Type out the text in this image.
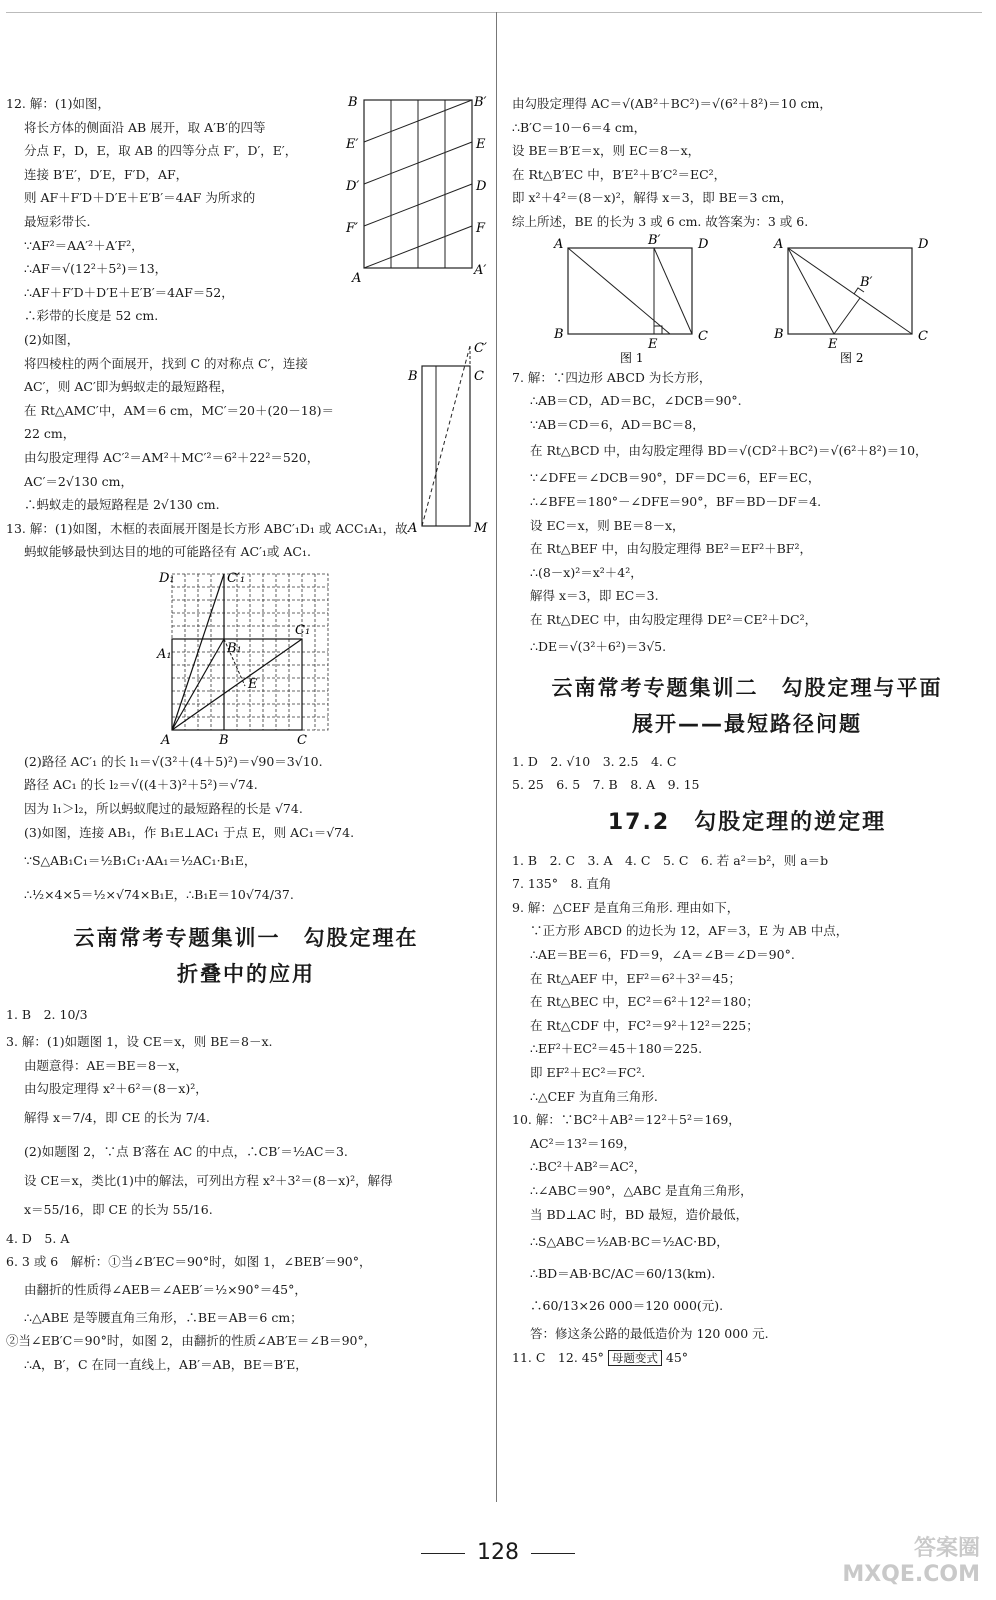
12. 解：(1)如图，
将长方体的侧面沿 AB 展开，取 A′B′的四等
分点 F，D，E，取 AB 的四等分点 F′，D′，E′，
连接 B′E′，D′E，F′D，AF，
则 AF＋F′D＋D′E＋E′B′＝4AF 为所求的
最短彩带长.
∵AF²＝AA′²＋A′F²，
∴AF＝√(12²＋5²)＝13，
∴AF＋F′D＋D′E＋E′B′＝4AF＝52，
∴彩带的长度是 52 cm.
(2)如图，
将四棱柱的两个面展开，找到 C 的对称点 C′，连接
AC′，则 AC′即为蚂蚁走的最短路程，
在 Rt△AMC′中，AM＝6 cm，MC′＝20＋(20－18)＝
22 cm，
由勾股定理得 AC′²＝AM²＋MC′²＝6²＋22²＝520，
AC′＝2√130 cm，
∴蚂蚁走的最短路程是 2√130 cm.
B
E′
D′
F′
A
B′
E
D
F
A′
B	C
C′
A	M
13. 解：(1)如图，木框的表面展开图是长方形 ABC′₁D₁ 或 ACC₁A₁，故
蚂蚁能够最快到达目的地的可能路径有 AC′₁或 AC₁.
D₁	C′₁
A₁	B₁
C₁
E
A	B	C
(2)路径 AC′₁ 的长 l₁＝√(3²＋(4＋5)²)＝√90＝3√10.
路径 AC₁ 的长 l₂＝√((4＋3)²＋5²)＝√74.
因为 l₁＞l₂，所以蚂蚁爬过的最短路程的长是 √74.
(3)如图，连接 AB₁，作 B₁E⊥AC₁ 于点 E，则 AC₁＝√74.
∵S△AB₁C₁＝½B₁C₁·AA₁＝½AC₁·B₁E，
∴½×4×5＝½×√74×B₁E，∴B₁E＝10√74/37.
云南常考专题集训一　勾股定理在
折叠中的应用
1. B　2. 10/3
3. 解：(1)如题图 1，设 CE＝x，则 BE＝8－x.
由题意得：AE＝BE＝8－x，
由勾股定理得 x²＋6²＝(8－x)²，
解得 x＝7/4，即 CE 的长为 7/4.
(2)如题图 2，∵点 B′落在 AC 的中点，∴CB′＝½AC＝3.
设 CE＝x，类比(1)中的解法，可列出方程 x²＋3²＝(8－x)²，解得
x＝55/16，即 CE 的长为 55/16.
4. D　5. A
6. 3 或 6　解析：①当∠B′EC＝90°时，如图 1，∠BEB′＝90°，
由翻折的性质得∠AEB＝∠AEB′＝½×90°＝45°，
∴△ABE 是等腰直角三角形，∴BE＝AB＝6 cm；
②当∠EB′C＝90°时，如图 2，由翻折的性质∠AB′E＝∠B＝90°，
∴A，B′，C 在同一直线上，AB′＝AB，BE＝B′E，
由勾股定理得 AC＝√(AB²＋BC²)＝√(6²＋8²)＝10 cm，
∴B′C＝10－6＝4 cm，
设 BE＝B′E＝x，则 EC＝8－x，
在 Rt△B′EC 中，B′E²＋B′C²＝EC²，
即 x²＋4²＝(8－x)²，解得 x＝3，即 BE＝3 cm，
综上所述，BE 的长为 3 或 6 cm. 故答案为：3 或 6.
A	B′	D
B
E
C
图 1
A	D
B′
B
E
C
图 2
7. 解：∵四边形 ABCD 为长方形，
∴AB＝CD，AD＝BC，∠DCB＝90°.
∵AB＝CD＝6，AD＝BC＝8，
在 Rt△BCD 中，由勾股定理得 BD＝√(CD²＋BC²)＝√(6²＋8²)＝10，
∵∠DFE＝∠DCB＝90°，DF＝DC＝6，EF＝EC，
∴∠BFE＝180°－∠DFE＝90°，BF＝BD－DF＝4.
设 EC＝x，则 BE＝8－x，
在 Rt△BEF 中，由勾股定理得 BE²＝EF²＋BF²，
∴(8－x)²＝x²＋4²，
解得 x＝3，即 EC＝3.
在 Rt△DEC 中，由勾股定理得 DE²＝CE²＋DC²，
∴DE＝√(3²＋6²)＝3√5.
云南常考专题集训二　勾股定理与平面
展开——最短路径问题
1. D　2. √10　3. 2.5　4. C
5. 25　6. 5　7. B　8. A　9. 15
17.2　勾股定理的逆定理
1. B　2. C　3. A　4. C　5. C　6. 若 a²＝b²，则 a＝b
7. 135°　8. 直角
9. 解：△CEF 是直角三角形. 理由如下，
∵正方形 ABCD 的边长为 12，AF＝3，E 为 AB 中点，
∴AE＝BE＝6，FD＝9，∠A＝∠B＝∠D＝90°.
在 Rt△AEF 中，EF²＝6²＋3²＝45；
在 Rt△BEC 中，EC²＝6²＋12²＝180；
在 Rt△CDF 中，FC²＝9²＋12²＝225；
∴EF²＋EC²＝45＋180＝225.
即 EF²＋EC²＝FC².
∴△CEF 为直角三角形.
10. 解：∵BC²＋AB²＝12²＋5²＝169，
AC²＝13²＝169，
∴BC²＋AB²＝AC²，
∴∠ABC＝90°，△ABC 是直角三角形，
当 BD⊥AC 时，BD 最短，造价最低，
∴S△ABC＝½AB·BC＝½AC·BD，
∴BD＝AB·BC/AC＝60/13(km).
∴60/13×26 000＝120 000(元).
答：修这条公路的最低造价为 120 000 元.
11. C　12. 45° 母题变式 45°
128	答案圈
MXQE.COM
